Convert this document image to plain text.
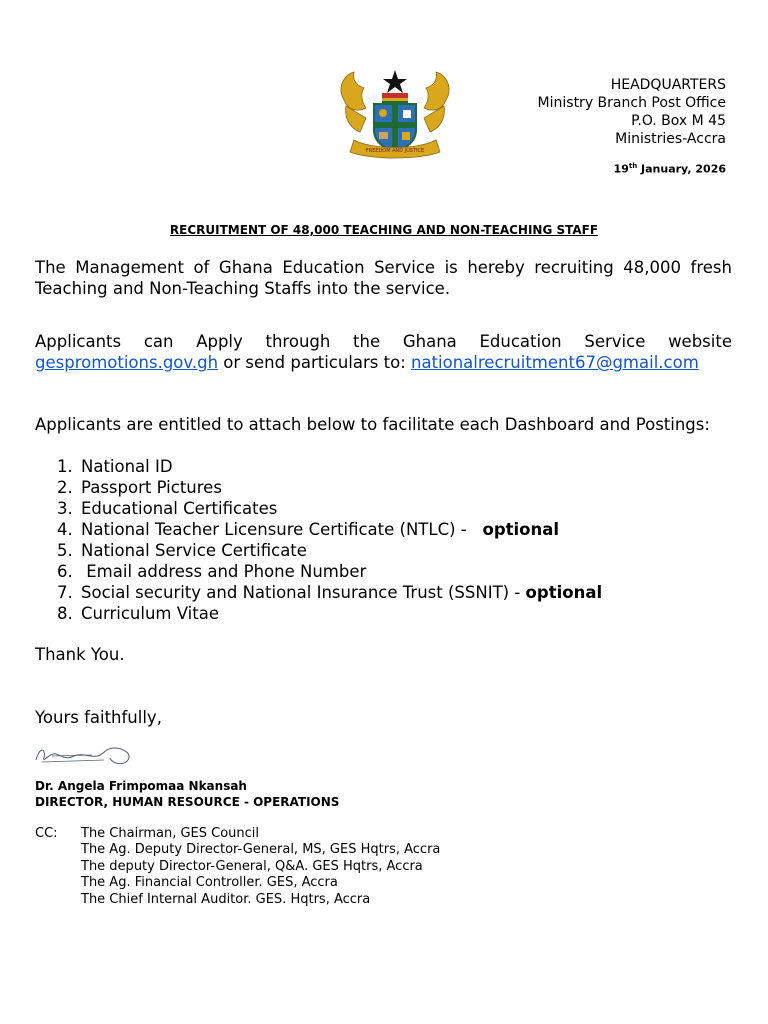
FREEDOM AND JUSTICE
HEADQUARTERS
Ministry Branch Post Office
P.O. Box M 45
Ministries-Accra
19th January, 2026
RECRUITMENT OF 48,000 TEACHING AND NON-TEACHING STAFF
The Management of Ghana Education Service is hereby recruiting 48,000 fresh Teaching and Non-Teaching Staffs into the service.
Applicants can Apply through the Ghana Education Service website
gespromotions.gov.gh or send particulars to: nationalrecruitment67@gmail.com
Applicants are entitled to attach below to facilitate each Dashboard and Postings:
1. National ID
2. Passport Pictures
3. Educational Certificates
4. National Teacher Licensure Certificate (NTLC) -   optional
5. National Service Certificate
6. Email address and Phone Number
7. Social security and National Insurance Trust (SSNIT) - optional
8. Curriculum Vitae
Thank You.
Yours faithfully,
Dr. Angela Frimpomaa Nkansah
DIRECTOR, HUMAN RESOURCE - OPERATIONS
CC: The Chairman, GES Council
The Ag. Deputy Director-General, MS, GES Hqtrs, Accra
The deputy Director-General, Q&A. GES Hqtrs, Accra
The Ag. Financial Controller. GES, Accra
The Chief Internal Auditor. GES. Hqtrs, Accra
